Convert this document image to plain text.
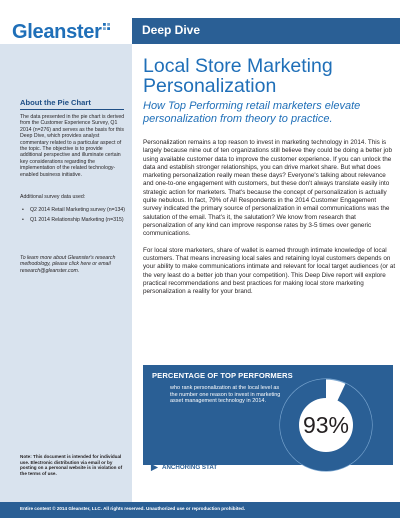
Gleanster	Deep Dive
About the Pie Chart
The data presented in the pie chart is derived from the Customer Experience Survey, Q1 2014 (n=276) and serves as the basis for this Deep Dive, which provides analyst commentary related to a particular aspect of the topic. The objective is to provide additional perspective and illuminate certain key considerations regarding the implementation of the related technology-enabled business initiative.
Additional survey data used:
• Q2 2014 Retail Marketing survey (n=134)
• Q1 2014 Relationship Marketing (n=315)
To learn more about Gleanster's research methodology, please click here or email research@gleanster.com.
Note: This document is intended for individual use. Electronic distribution via email or by posting on a personal website is in violation of the terms of use.
Local Store Marketing Personalization
How Top Performing retail marketers elevate personalization from theory to practice.

Personalization remains a top reason to invest in marketing technology in 2014. This is largely because nine out of ten organizations still believe they could be doing a better job using available customer data to improve the customer experience. If you can unlock the data and establish stronger relationships, you can drive market share. But what does marketing personalization really mean these days? Everyone's talking about relevance and one-to-one engagement with customers, but these don't always translate easily into strategic action for marketers. That's because the concept of personalization is actually quite nebulous. In fact, 79% of All Respondents in the 2014 Customer Engagement survey indicated the primary source of personalization in email communications was the salutation of the email. That's it, the salutation? We know from research that personalization of any kind can improve response rates by 3-5 times over generic communications.

For local store marketers, share of wallet is earned through intimate knowledge of local customers. That means increasing local sales and retaining loyal customers depends on your ability to make communications intimate and relevant for local target audiences (or at the very least do a better job than your competition). This Deep Dive report will explore practical recommendations and best practices for making local store marketing personalization a reality for your brand.

PERCENTAGE OF TOP PERFORMERS
who rank personalization at the local level as the number one reason to invest in marketing asset management technology in 2014.
93%
ANCHORING STAT
Entire content © 2014 Gleanster, LLC. All rights reserved. Unauthorized use or reproduction prohibited.
